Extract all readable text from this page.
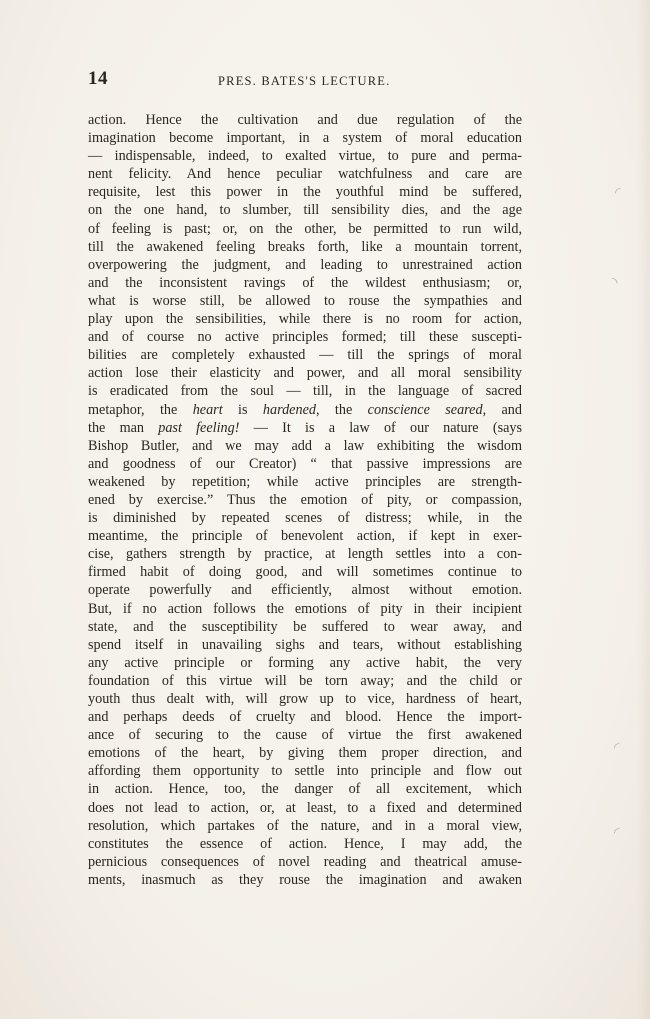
14	PRES. BATES'S LECTURE.
action. Hence the cultivation and due regulation of the
imagination become important, in a system of moral education
— indispensable, indeed, to exalted virtue, to pure and perma-
nent felicity. And hence peculiar watchfulness and care are
requisite, lest this power in the youthful mind be suffered,
on the one hand, to slumber, till sensibility dies, and the age
of feeling is past; or, on the other, be permitted to run wild,
till the awakened feeling breaks forth, like a mountain torrent,
overpowering the judgment, and leading to unrestrained action
and the inconsistent ravings of the wildest enthusiasm; or,
what is worse still, be allowed to rouse the sympathies and
play upon the sensibilities, while there is no room for action,
and of course no active principles formed; till these suscepti-
bilities are completely exhausted — till the springs of moral
action lose their elasticity and power, and all moral sensibility
is eradicated from the soul — till, in the language of sacred
metaphor, the heart is hardened, the conscience seared, and
the man past feeling! — It is a law of our nature (says
Bishop Butler, and we may add a law exhibiting the wisdom
and goodness of our Creator) “ that passive impressions are
weakened by repetition; while active principles are strength-
ened by exercise.” Thus the emotion of pity, or compassion,
is diminished by repeated scenes of distress; while, in the
meantime, the principle of benevolent action, if kept in exer-
cise, gathers strength by practice, at length settles into a con-
firmed habit of doing good, and will sometimes continue to
operate powerfully and efficiently, almost without emotion.
But, if no action follows the emotions of pity in their incipient
state, and the susceptibility be suffered to wear away, and
spend itself in unavailing sighs and tears, without establishing
any active principle or forming any active habit, the very
foundation of this virtue will be torn away; and the child or
youth thus dealt with, will grow up to vice, hardness of heart,
and perhaps deeds of cruelty and blood. Hence the import-
ance of securing to the cause of virtue the first awakened
emotions of the heart, by giving them proper direction, and
affording them opportunity to settle into principle and flow out
in action. Hence, too, the danger of all excitement, which
does not lead to action, or, at least, to a fixed and determined
resolution, which partakes of the nature, and in a moral view,
constitutes the essence of action. Hence, I may add, the
pernicious consequences of novel reading and theatrical amuse-
ments, inasmuch as they rouse the imagination and awaken
◜
◝
◜
◜
